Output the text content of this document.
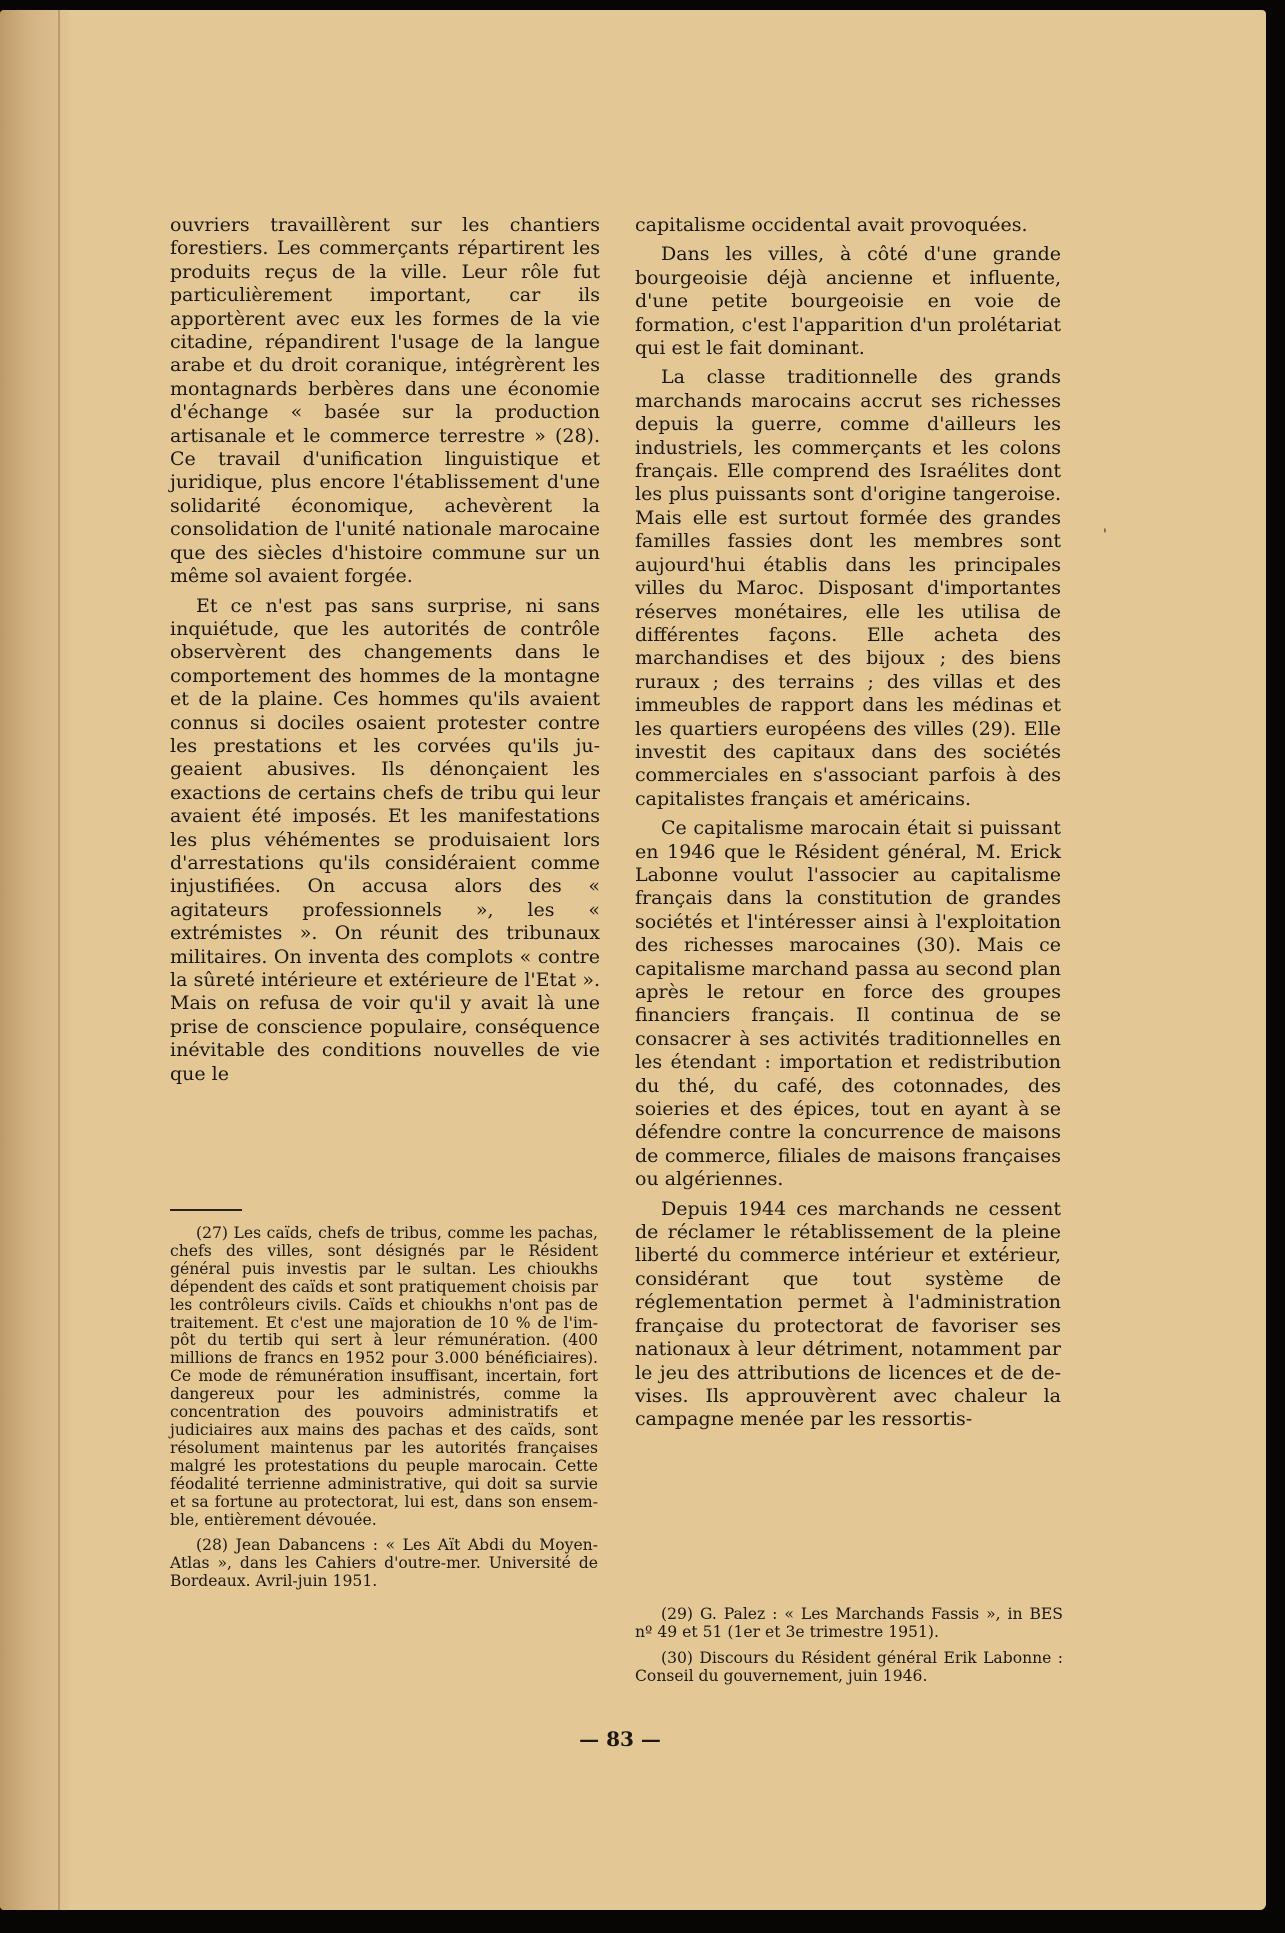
ouvriers travaillèrent sur les chantiers forestiers. Les commerçants répartirent les produits reçus de la ville. Leur rôle fut particulièrement important, car ils apportèrent avec eux les formes de la vie citadine, répandirent l'usage de la langue arabe et du droit coranique, intégrèrent les montagnards berbères dans une économie d'échange « basée sur la production artisanale et le commerce terrestre » (28). Ce travail d'unification linguistique et juridique, plus encore l'établissement d'une solidarité économique, achevèrent la consolidation de l'unité nationale marocaine que des siècles d'histoire commune sur un même sol avaient forgée.

Et ce n'est pas sans surprise, ni sans inquiétude, que les autorités de contrôle observèrent des changements dans le comportement des hommes de la montagne et de la plaine. Ces hommes qu'ils avaient connus si dociles osaient protester contre les prestations et les corvées qu'ils jugeaient abusives. Ils dénonçaient les exactions de certains chefs de tribu qui leur avaient été imposés. Et les manifestations les plus véhémentes se produisaient lors d'arrestations qu'ils considéraient comme injustifiées. On accusa alors des « agitateurs professionnels », les « extrémistes ». On réunit des tribunaux militaires. On inventa des complots « contre la sûreté intérieure et extérieure de l'Etat ». Mais on refusa de voir qu'il y avait là une prise de conscience populaire, conséquence inévitable des conditions nouvelles de vie que le

(27) Les caïds, chefs de tribus, comme les pachas, chefs des villes, sont désignés par le Résident général puis investis par le sultan. Les chioukhs dépendent des caïds et sont pratiquement choisis par les contrôleurs civils. Caïds et chioukhs n'ont pas de traitement. Et c'est une majoration de 10 % de l'impôt du tertib qui sert à leur rémunération. (400 millions de francs en 1952 pour 3.000 bénéficiaires). Ce mode de rémunération insuffisant, incertain, fort dangereux pour les administrés, comme la concentration des pouvoirs administratifs et judiciaires aux mains des pachas et des caïds, sont résolument maintenus par les autorités françaises malgré les protestations du peuple marocain. Cette féodalité terrienne administrative, qui doit sa survie et sa fortune au protectorat, lui est, dans son ensemble, entièrement dévouée.

(28) Jean Dabancens : « Les Aït Abdi du Moyen-Atlas », dans les Cahiers d'outre-mer. Université de Bordeaux. Avril-juin 1951.

capitalisme occidental avait provoquées.

Dans les villes, à côté d'une grande bourgeoisie déjà ancienne et influente, d'une petite bourgeoisie en voie de formation, c'est l'apparition d'un prolétariat qui est le fait dominant.

La classe traditionnelle des grands marchands marocains accrut ses richesses depuis la guerre, comme d'ailleurs les industriels, les commerçants et les colons français. Elle comprend des Israélites dont les plus puissants sont d'origine tangeroise. Mais elle est surtout formée des grandes familles fassies dont les membres sont aujourd'hui établis dans les principales villes du Maroc. Disposant d'importantes réserves monétaires, elle les utilisa de différentes façons. Elle acheta des marchandises et des bijoux ; des biens ruraux ; des terrains ; des villas et des immeubles de rapport dans les médinas et les quartiers européens des villes (29). Elle investit des capitaux dans des sociétés commerciales en s'associant parfois à des capitalistes français et américains.

Ce capitalisme marocain était si puissant en 1946 que le Résident général, M. Erick Labonne voulut l'associer au capitalisme français dans la constitution de grandes sociétés et l'intéresser ainsi à l'exploitation des richesses marocaines (30). Mais ce capitalisme marchand passa au second plan après le retour en force des groupes financiers français. Il continua de se consacrer à ses activités traditionnelles en les étendant : importation et redistribution du thé, du café, des cotonnades, des soieries et des épices, tout en ayant à se défendre contre la concurrence de maisons de commerce, filiales de maisons françaises ou algériennes.

Depuis 1944 ces marchands ne cessent de réclamer le rétablissement de la pleine liberté du commerce intérieur et extérieur, considérant que tout système de réglementation permet à l'administration française du protectorat de favoriser ses nationaux à leur détriment, notamment par le jeu des attributions de licences et de devises. Ils approuvèrent avec chaleur la campagne menée par les ressortis-

(29) G. Palez : « Les Marchands Fassis », in BES nº 49 et 51 (1er et 3e trimestre 1951).

(30) Discours du Résident général Erik Labonne : Conseil du gouvernement, juin 1946.

'
— 83 —
